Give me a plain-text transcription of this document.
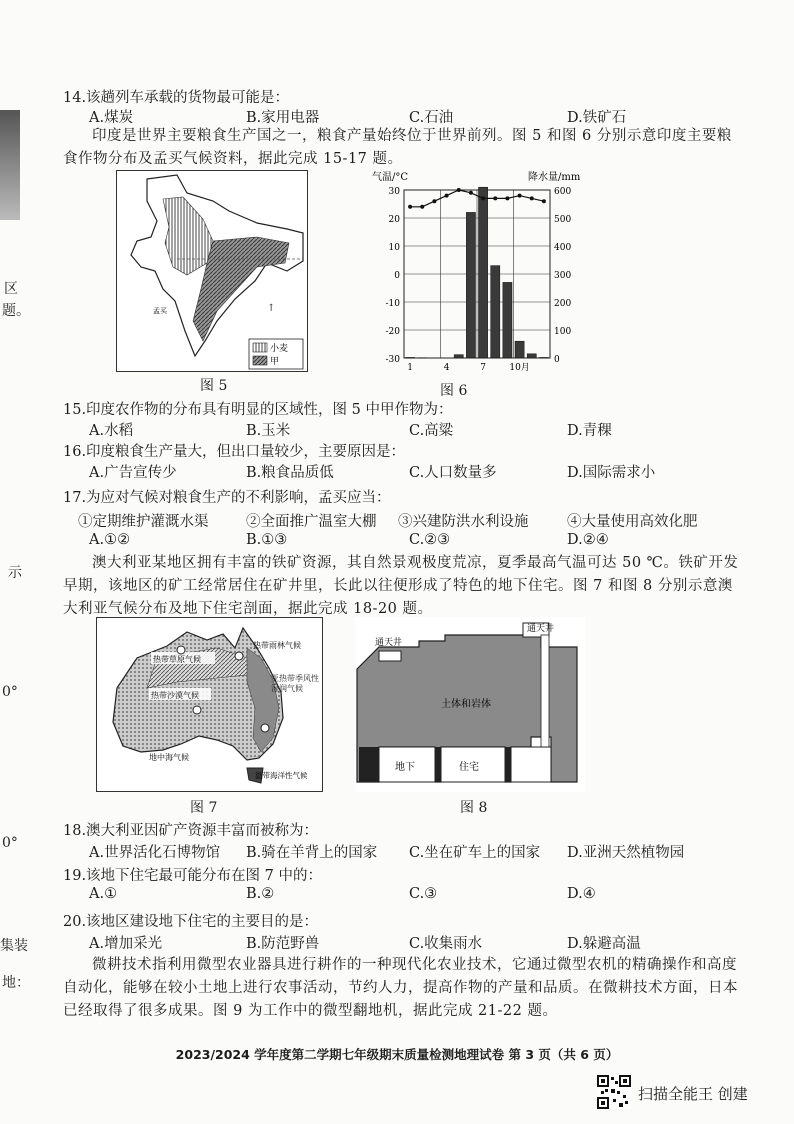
区
题。
示
0°
0°
集装
地：
14.该趟列车承载的货物最可能是：
A.煤炭	B.家用电器	C.石油	D.铁矿石
印度是世界主要粮食生产国之一，粮食产量始终位于世界前列。图 5 和图 6 分别示意印度主要粮食作物分布及孟买气候资料，据此完成 15-17 题。
↑
小麦
甲
孟买
图 5
气温/°C	降水量/mm
30
20
10
0
-10
-20
-30
600
500
400
300
200
100
0
1	4	7	10月
图 6
15.印度农作物的分布具有明显的区域性，图 5 中甲作物为：
A.水稻	B.玉米	C.高粱	D.青稞
16.印度粮食生产量大，但出口量较少，主要原因是：
A.广告宣传少	B.粮食品质低	C.人口数量多	D.国际需求小
17.为应对气候对粮食生产的不利影响，孟买应当：
①定期维护灌溉水渠	②全面推广温室大棚 ③兴建防洪水利设施	④大量使用高效化肥
A.①②	B.①③	C.②③	D.②④
澳大利亚某地区拥有丰富的铁矿资源，其自然景观极度荒凉，夏季最高气温可达 50 ℃。铁矿开发早期，该地区的矿工经常居住在矿井里，长此以往便形成了特色的地下住宅。图 7 和图 8 分别示意澳大利亚气候分布及地下住宅剖面，据此完成 18-20 题。
热带草原气候
热带雨林气候
热带沙漠气候
地中海气候
温带海洋性气候
亚热带季风性湿润气候
图 7
通天井
通天井
土体和岩体
地下	住宅
图 8
18.澳大利亚因矿产资源丰富而被称为：
A.世界活化石博物馆 B.骑在羊背上的国家 C.坐在矿车上的国家 D.亚洲天然植物园
19.该地下住宅最可能分布在图 7 中的：
A.①	B.②	C.③	D.④
20.该地区建设地下住宅的主要目的是：
A.增加采光	B.防范野兽	C.收集雨水	D.躲避高温
微耕技术指利用微型农业器具进行耕作的一种现代化农业技术，它通过微型农机的精确操作和高度自动化，能够在较小土地上进行农事活动，节约人力，提高作物的产量和品质。在微耕技术方面，日本已经取得了很多成果。图 9 为工作中的微型翻地机，据此完成 21-22 题。
2023/2024 学年度第二学期七年级期末质量检测地理试卷 第 3 页（共 6 页）
扫描全能王 创建
